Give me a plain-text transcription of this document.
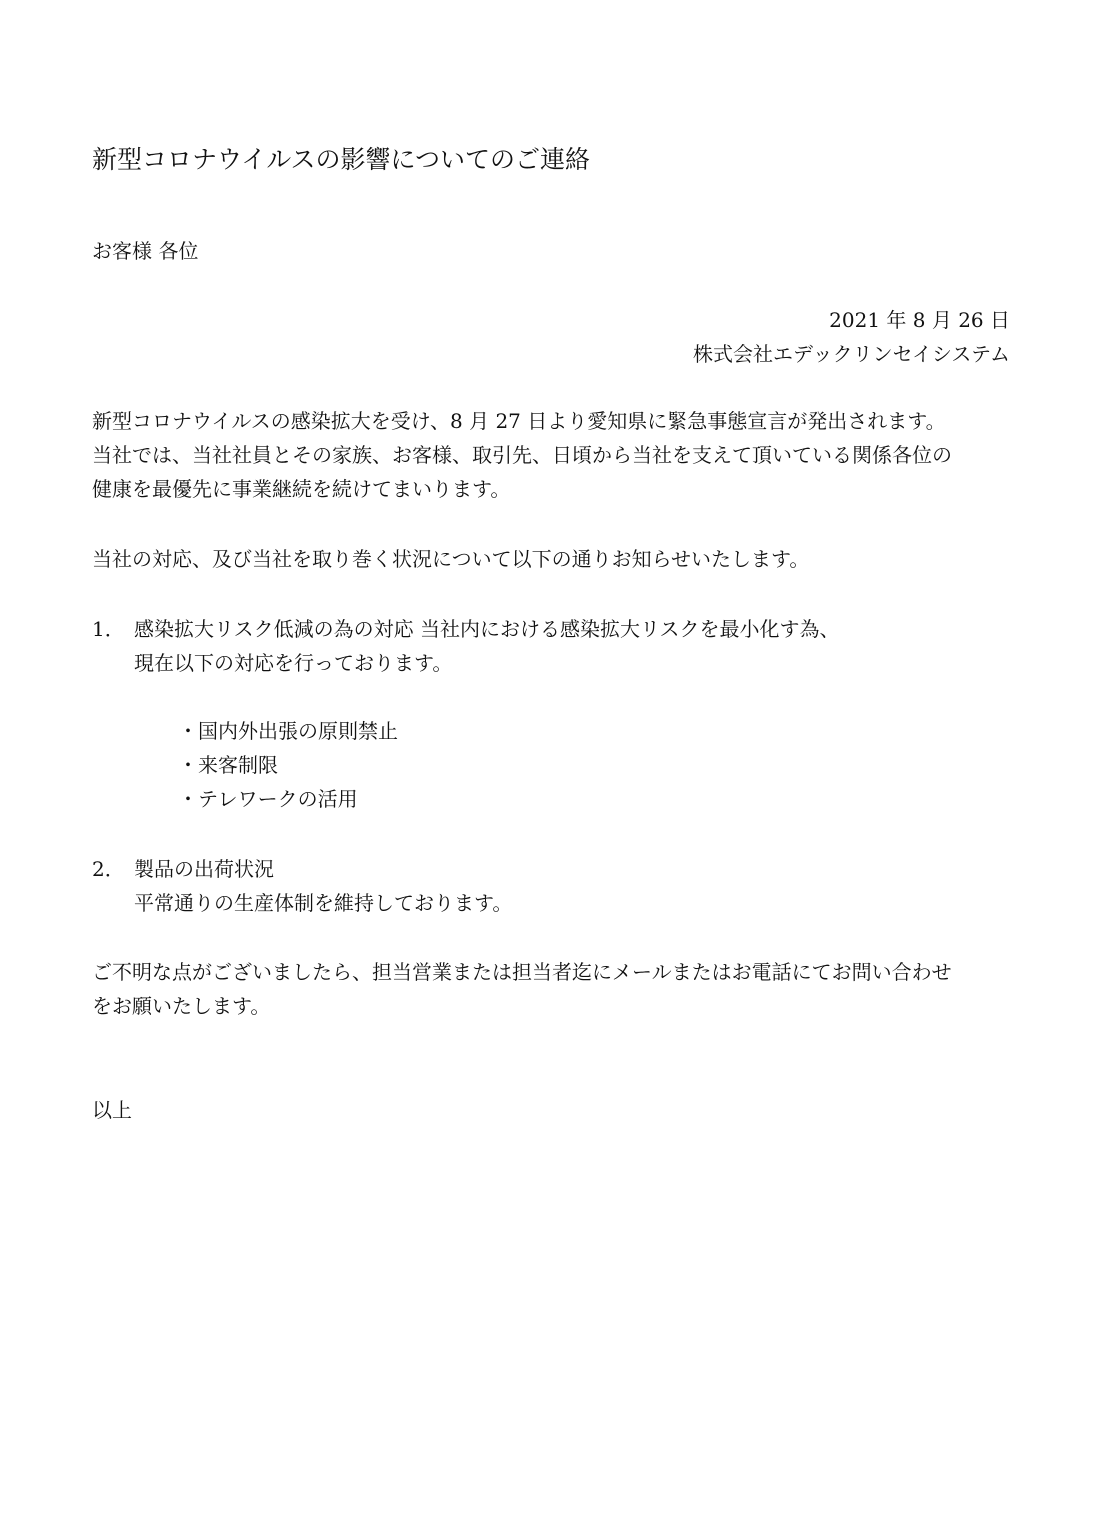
新型コロナウイルスの影響についてのご連絡
お客様 各位
2021 年 8 月 26 日
株式会社エデックリンセイシステム
新型コロナウイルスの感染拡大を受け、8 月 27 日より愛知県に緊急事態宣言が発出されます。
当社では、当社社員とその家族、お客様、取引先、日頃から当社を支えて頂いている関係各位の
健康を最優先に事業継続を続けてまいります。
当社の対応、及び当社を取り巻く状況について以下の通りお知らせいたします。
1． 感染拡大リスク低減の為の対応 当社内における感染拡大リスクを最小化す為、
現在以下の対応を行っております。
・国内外出張の原則禁止
・来客制限
・テレワークの活用
2． 製品の出荷状況
平常通りの生産体制を維持しております。
ご不明な点がございましたら、担当営業または担当者迄にメールまたはお電話にてお問い合わせ
をお願いたします。
以上
